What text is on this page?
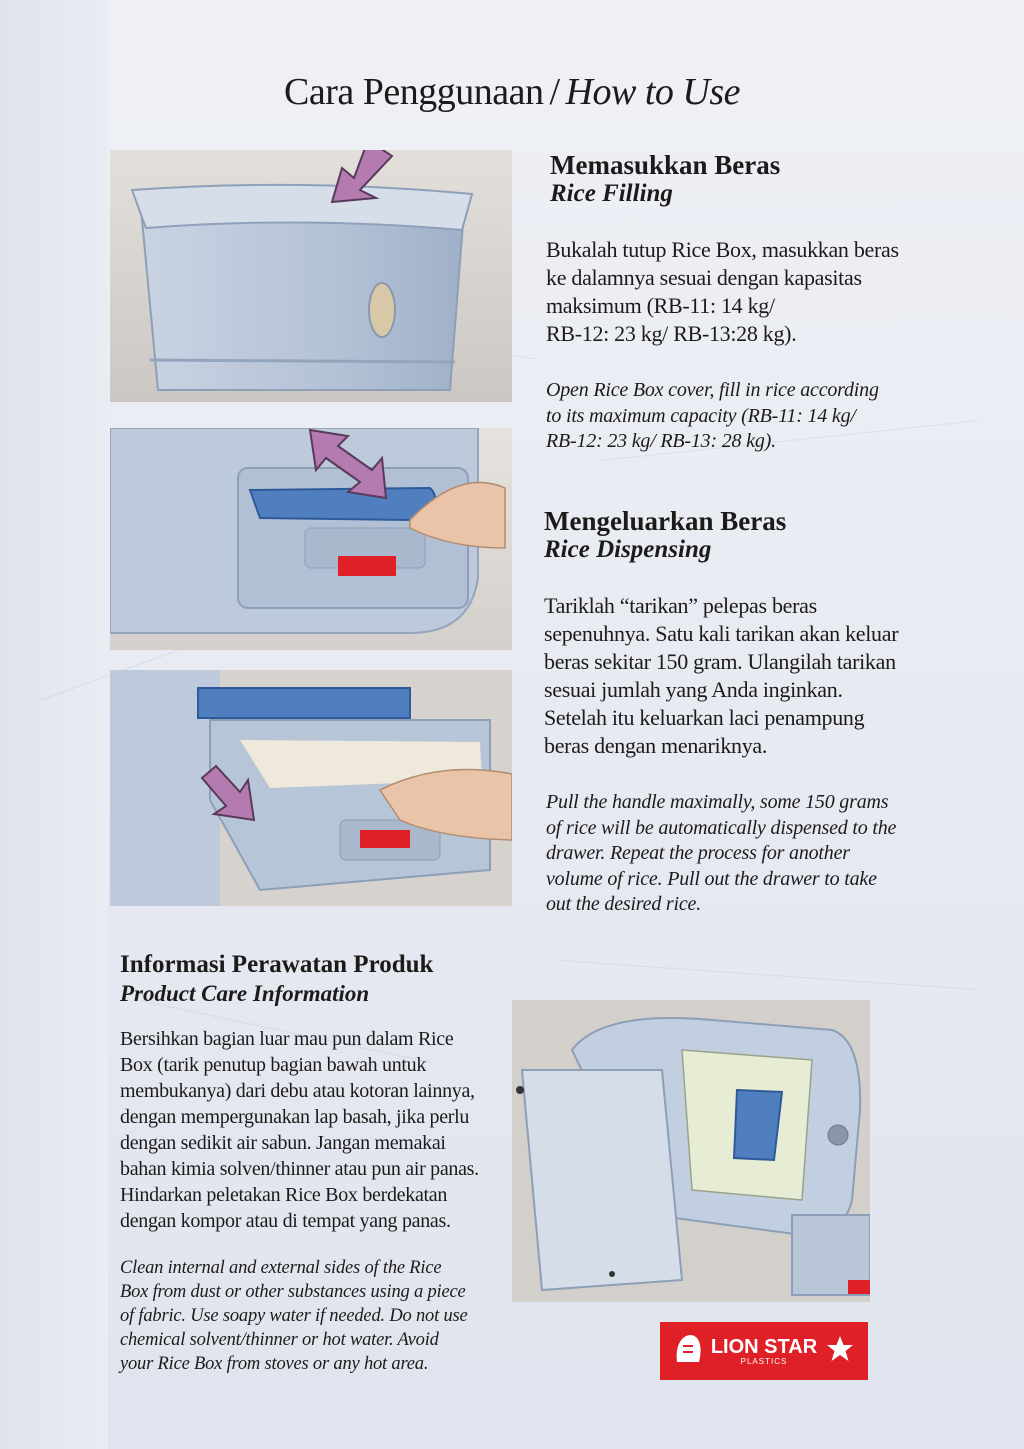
Cara Penggunaan / How to Use
Memasukkan Beras
Rice Filling
Bukalah tutup Rice Box, masukkan beras
ke dalamnya sesuai dengan kapasitas
maksimum (RB-11: 14 kg/
RB-12: 23 kg/ RB-13:28 kg).
Open Rice Box cover, fill in rice according
to its maximum capacity (RB-11: 14 kg/
RB-12: 23 kg/ RB-13: 28 kg).
Mengeluarkan Beras
Rice Dispensing
Tariklah “tarikan” pelepas beras
sepenuhnya. Satu kali tarikan akan keluar
beras sekitar 150 gram. Ulangilah tarikan
sesuai jumlah yang Anda inginkan.
Setelah itu keluarkan laci penampung
beras dengan menariknya.
Pull the handle maximally, some 150 grams
of rice will be automatically dispensed to the
drawer. Repeat the process for another
volume of rice. Pull out the drawer to take
out the desired rice.
Informasi Perawatan Produk
Product Care Information
Bersihkan bagian luar mau pun dalam Rice
Box (tarik penutup bagian bawah untuk
membukanya) dari debu atau kotoran lainnya,
dengan mempergunakan lap basah, jika perlu
dengan sedikit air sabun. Jangan memakai
bahan kimia solven/thinner atau pun air panas.
Hindarkan peletakan Rice Box berdekatan
dengan kompor atau di tempat yang panas.
Clean internal and external sides of the Rice
Box from dust or other substances using a piece
of fabric. Use soapy water if needed. Do not use
chemical solvent/thinner or hot water. Avoid
your Rice Box from stoves or any hot area.
LION STAR
PLASTICS
